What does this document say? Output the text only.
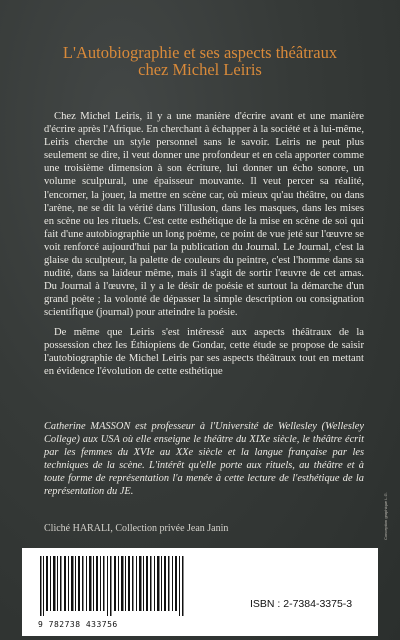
L'Autobiographie et ses aspects théâtraux
chez Michel Leiris

Chez Michel Leiris, il y a une manière d'écrire avant et une manière d'écrire après l'Afrique. En cherchant à échapper à la société et à lui-même, Leiris cherche un style personnel sans le savoir. Leiris ne peut plus seulement se dire, il veut donner une profondeur et en cela apporter comme une troisième dimension à son écriture, lui donner un écho sonore, un volume sculptural, une épaisseur mouvante. Il veut percer sa réalité, l'encorner, la jouer, la mettre en scène car, où mieux qu'au théâtre, ou dans l'arène, ne se dit la vérité dans l'illusion, dans les masques, dans les mises en scène ou les rituels. C'est cette esthétique de la mise en scène de soi qui fait d'une autobiographie un long poème, ce point de vue jeté sur l'œuvre se voit renforcé aujourd'hui par la publication du Journal. Le Journal, c'est la glaise du sculpteur, la palette de couleurs du peintre, c'est l'homme dans sa nudité, dans sa laideur même, mais il s'agit de sortir l'œuvre de cet amas. Du Journal à l'œuvre, il y a le désir de poésie et surtout la démarche d'un grand poète ; la volonté de dépasser la simple description ou consignation scientifique (journal) pour atteindre la poésie.

De même que Leiris s'est intéressé aux aspects théâtraux de la possession chez les Éthiopiens de Gondar, cette étude se propose de saisir l'autobiographie de Michel Leiris par ses aspects théâtraux tout en mettant en évidence l'évolution de cette esthétique

Catherine MASSON est professeur à l'Université de Wellesley (Wellesley College) aux USA où elle enseigne le théâtre du XIXe siècle, le théâtre écrit par les femmes du XVIe au XXe siècle et la langue française par les techniques de la scène. L'intérêt qu'elle porte aux rituels, au théâtre et à toute forme de représentation l'a menée à cette lecture de l'esthétique de la représentation du JE.
Cliché HARALI, Collection privée Jean Janin	Conception graphique L.G.
9 782738 433756
ISBN : 2-7384-3375-3
